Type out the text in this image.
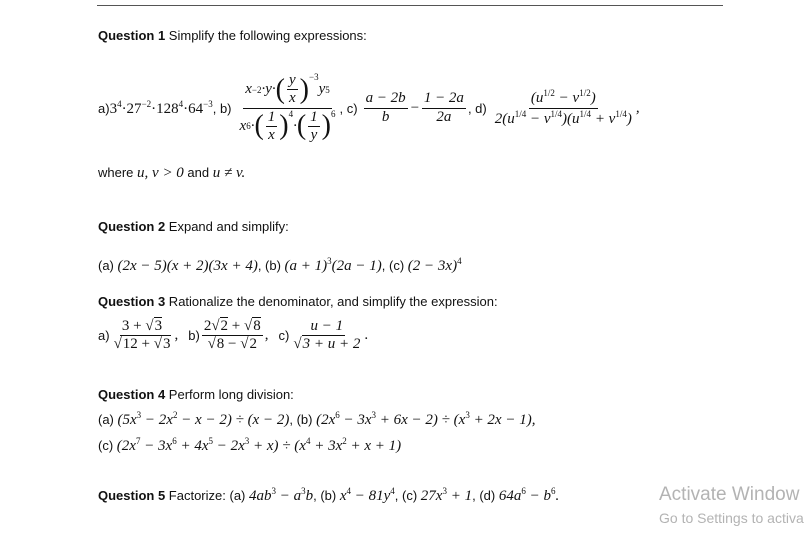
Question 1 Simplify the following expressions:
a) $3^4\cdot 27^{-2}\cdot 128^4\cdot 64^{-3}$ , b) x −2 ·y· ( $\frac{y}{x} )^{-3}$
y 5
x 6 · ( $\frac{1}{x} )^4$
· ( $\frac{1}{y} )^6$ , $c) \frac{a - 2b}{b} - \frac{1 - 2a}{2a}$ , $d) \frac{(u^{1/2} - v^{1/2})}{2(u^{1/4} - v^{1/4})(u^{1/4} + v^{1/4})}$ ,
where u, v > 0 and u ≠ v.
Question 2 Expand and simplify:
(a) (2x − 5)(x + 2)(3x + 4), (b) $(a + 1)^3(2a - 1)$, (c) $(2 - 3x)^4$
Question 3 Rationalize the denominator, and simplify the expression:
$a) \frac{3 + √3}{√12 + √3}$ , $b) \frac{2√2 + √8}{√8 - √2}$ , $c) \frac{u - 1}{√3 + u + 2}$ .
Question 4 Perform long division:
(a) $(5x^3 - 2x^2 - x - 2) \div (x - 2)$, (b) $(2x^6 - 3x^3 + 6x - 2) \div (x^3 + 2x - 1)$,
(c) $(2x^7 - 3x^6 + 4x^5 - 2x^3 + x) \div (x^4 + 3x^2 + x + 1)$
Question 5 Factorize: (a) $4ab^3 - a^3b$, (b) $x^4 - 81y^4$, (c) $27x^3 + 1$, (d) $64a^6 - b^6$.	Activate Window
Go to Settings to activa
